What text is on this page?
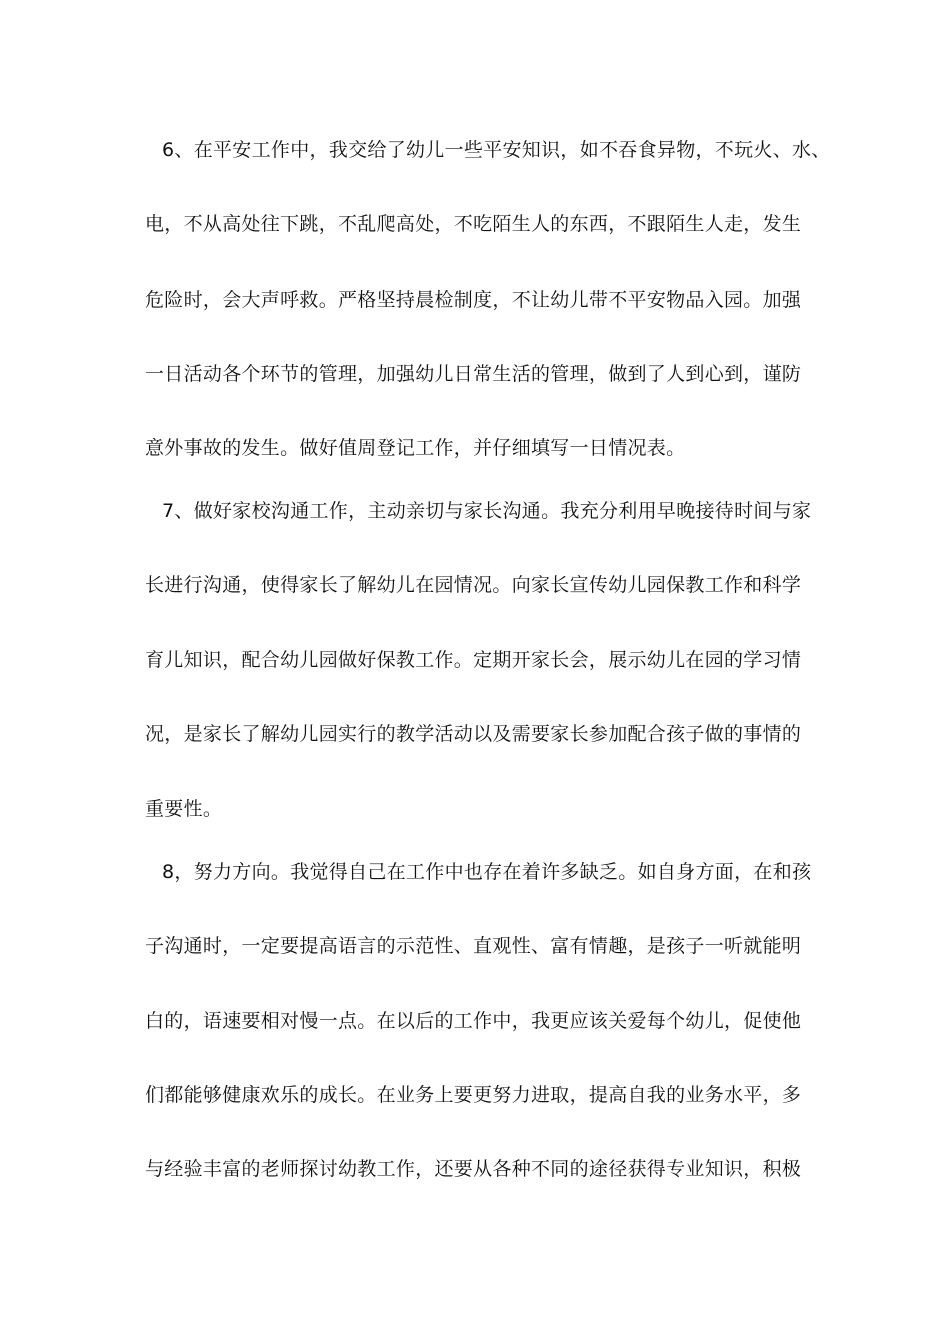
6、在平安工作中，我交给了幼儿一些平安知识，如不吞食异物，不玩火、水、
电，不从高处往下跳，不乱爬高处，不吃陌生人的东西，不跟陌生人走，发生
危险时，会大声呼救。严格坚持晨检制度，不让幼儿带不平安物品入园。加强
一日活动各个环节的管理，加强幼儿日常生活的管理，做到了人到心到，谨防
意外事故的发生。做好值周登记工作，并仔细填写一日情况表。
7、做好家校沟通工作，主动亲切与家长沟通。我充分利用早晚接待时间与家
长进行沟通，使得家长了解幼儿在园情况。向家长宣传幼儿园保教工作和科学
育儿知识，配合幼儿园做好保教工作。定期开家长会，展示幼儿在园的学习情
况，是家长了解幼儿园实行的教学活动以及需要家长参加配合孩子做的事情的
重要性。
8，努力方向。我觉得自己在工作中也存在着许多缺乏。如自身方面，在和孩
子沟通时，一定要提高语言的示范性、直观性、富有情趣，是孩子一听就能明
白的，语速要相对慢一点。在以后的工作中，我更应该关爱每个幼儿，促使他
们都能够健康欢乐的成长。在业务上要更努力进取，提高自我的业务水平，多
与经验丰富的老师探讨幼教工作，还要从各种不同的途径获得专业知识，积极
